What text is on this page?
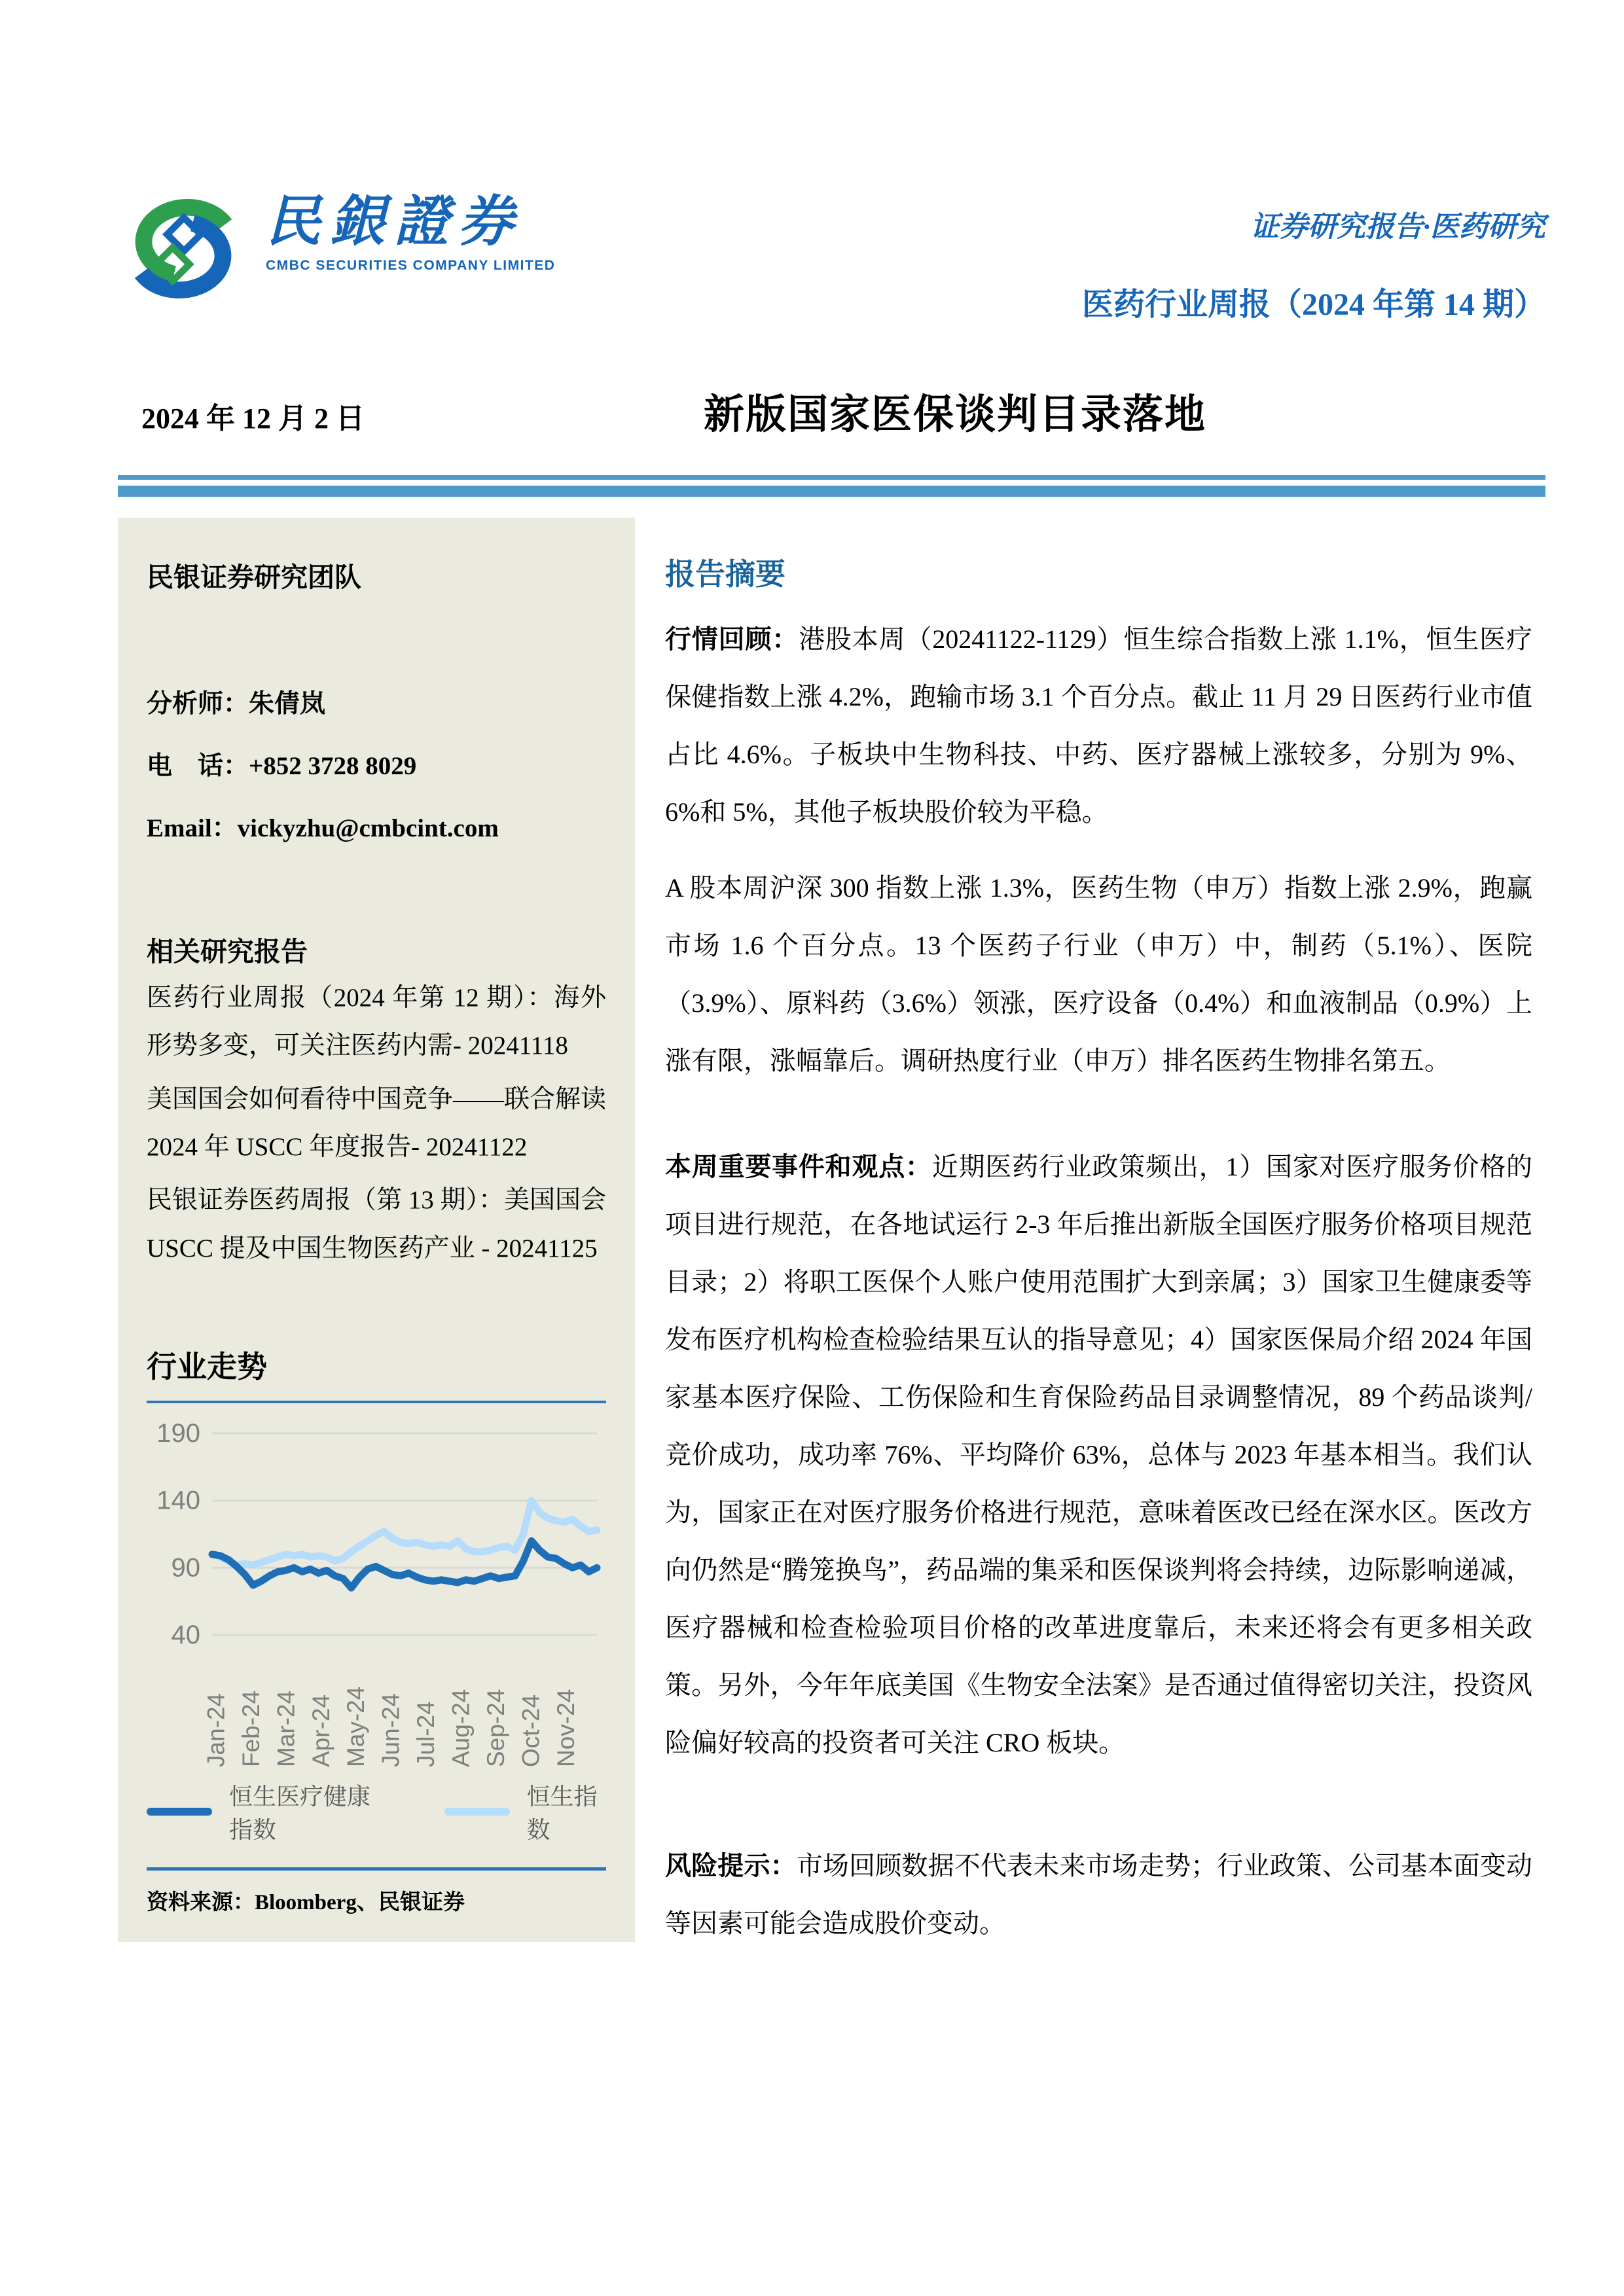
民銀證券
CMBC SECURITIES COMPANY LIMITED
证券研究报告·医药研究
医药行业周报（2024 年第 14 期）
2024 年 12 月 2 日	新版国家医保谈判目录落地
民银证券研究团队
分析师：朱倩岚
电　话：+852 3728 8029
Email：vickyzhu@cmbcint.com
相关研究报告
医药行业周报（2024 年第 12 期）：海外形势多变，可关注医药内需- 20241118
美国国会如何看待中国竞争——联合解读 2024 年 USCC 年度报告- 20241122
民银证券医药周报（第 13 期）：美国国会 USCC 提及中国生物医药产业 - 20241125
行业走势
190
140
90
40
Jan-24 Feb-24 Mar-24 Apr-24 May-24 Jun-24 Jul-24 Aug-24 Sep-24 Oct-24 Nov-24
恒生医疗健康指数
恒生指数
资料来源：Bloomberg、民银证券
报告摘要

行情回顾：港股本周（20241122-1129）恒生综合指数上涨 1.1%，恒生医疗保健指数上涨 4.2%，跑输市场 3.1 个百分点。截止 11 月 29 日医药行业市值占比 4.6%。子板块中生物科技、中药、医疗器械上涨较多，分别为 9%、6%和 5%，其他子板块股价较为平稳。

A 股本周沪深 300 指数上涨 1.3%，医药生物（申万）指数上涨 2.9%，跑赢市场 1.6 个百分点。13 个医药子行业（申万）中，制药（5.1%）、医院（3.9%）、原料药（3.6%）领涨，医疗设备（0.4%）和血液制品（0.9%）上涨有限，涨幅靠后。调研热度行业（申万）排名医药生物排名第五。

本周重要事件和观点：近期医药行业政策频出，1）国家对医疗服务价格的项目进行规范，在各地试运行 2-3 年后推出新版全国医疗服务价格项目规范目录；2）将职工医保个人账户使用范围扩大到亲属；3）国家卫生健康委等发布医疗机构检查检验结果互认的指导意见；4）国家医保局介绍 2024 年国家基本医疗保险、工伤保险和生育保险药品目录调整情况，89 个药品谈判/竞价成功，成功率 76%、平均降价 63%，总体与 2023 年基本相当。我们认为，国家正在对医疗服务价格进行规范，意味着医改已经在深水区。医改方向仍然是“腾笼换鸟”，药品端的集采和医保谈判将会持续，边际影响递减，医疗器械和检查检验项目价格的改革进度靠后，未来还将会有更多相关政策。另外，今年年底美国《生物安全法案》是否通过值得密切关注，投资风险偏好较高的投资者可关注 CRO 板块。

风险提示：市场回顾数据不代表未来市场走势；行业政策、公司基本面变动等因素可能会造成股价变动。
